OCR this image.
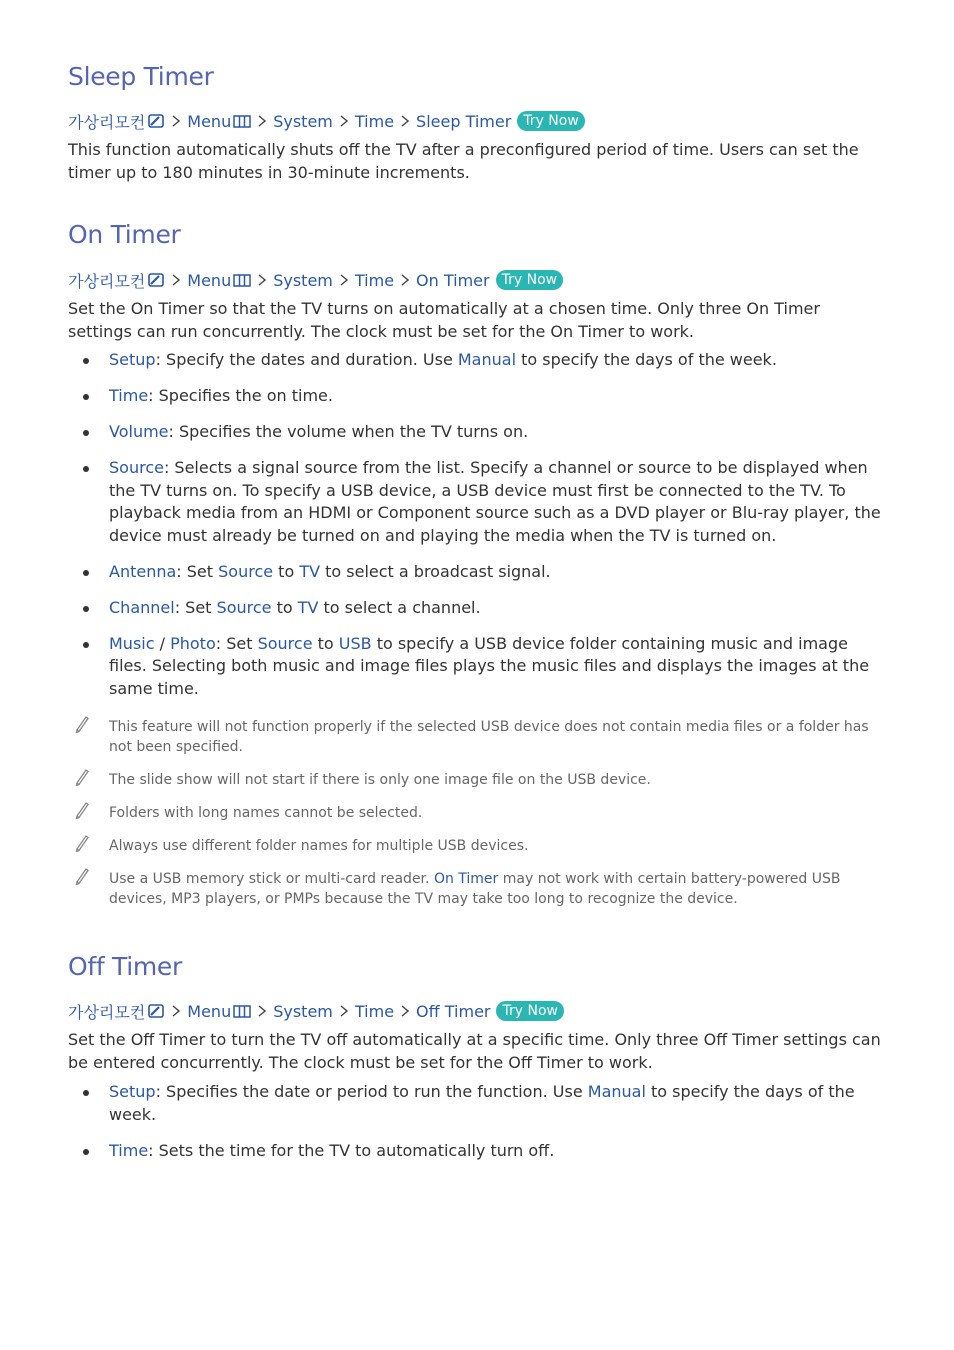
Sleep Timer
가상리모컨	Menu	System Time Sleep Timer Try Now

This function automatically shuts off the TV after a preconfigured period of time. Users can set the timer up to 180 minutes in 30-minute increments.

On Timer
가상리모컨	Menu	System Time On Timer Try Now

Set the On Timer so that the TV turns on automatically at a chosen time. Only three On Timer settings can run concurrently. The clock must be set for the On Timer to work.

Setup: Specify the dates and duration. Use Manual to specify the days of the week.
Time: Specifies the on time.
Volume: Specifies the volume when the TV turns on.
Source: Selects a signal source from the list. Specify a channel or source to be displayed when the TV turns on. To specify a USB device, a USB device must first be connected to the TV. To playback media from an HDMI or Component source such as a DVD player or Blu-ray player, the device must already be turned on and playing the media when the TV is turned on.
Antenna: Set Source to TV to select a broadcast signal.
Channel: Set Source to TV to select a channel.
Music / Photo: Set Source to USB to specify a USB device folder containing music and image files. Selecting both music and image files plays the music files and displays the images at the same time.
This feature will not function properly if the selected USB device does not contain media files or a folder has not been specified.
The slide show will not start if there is only one image file on the USB device.
Folders with long names cannot be selected.
Always use different folder names for multiple USB devices.
Use a USB memory stick or multi-card reader. On Timer may not work with certain battery-powered USB devices, MP3 players, or PMPs because the TV may take too long to recognize the device.
Off Timer
가상리모컨	Menu	System Time Off Timer Try Now

Set the Off Timer to turn the TV off automatically at a specific time. Only three Off Timer settings can be entered concurrently. The clock must be set for the Off Timer to work.

Setup: Specifies the date or period to run the function. Use Manual to specify the days of the week.
Time: Sets the time for the TV to automatically turn off.
